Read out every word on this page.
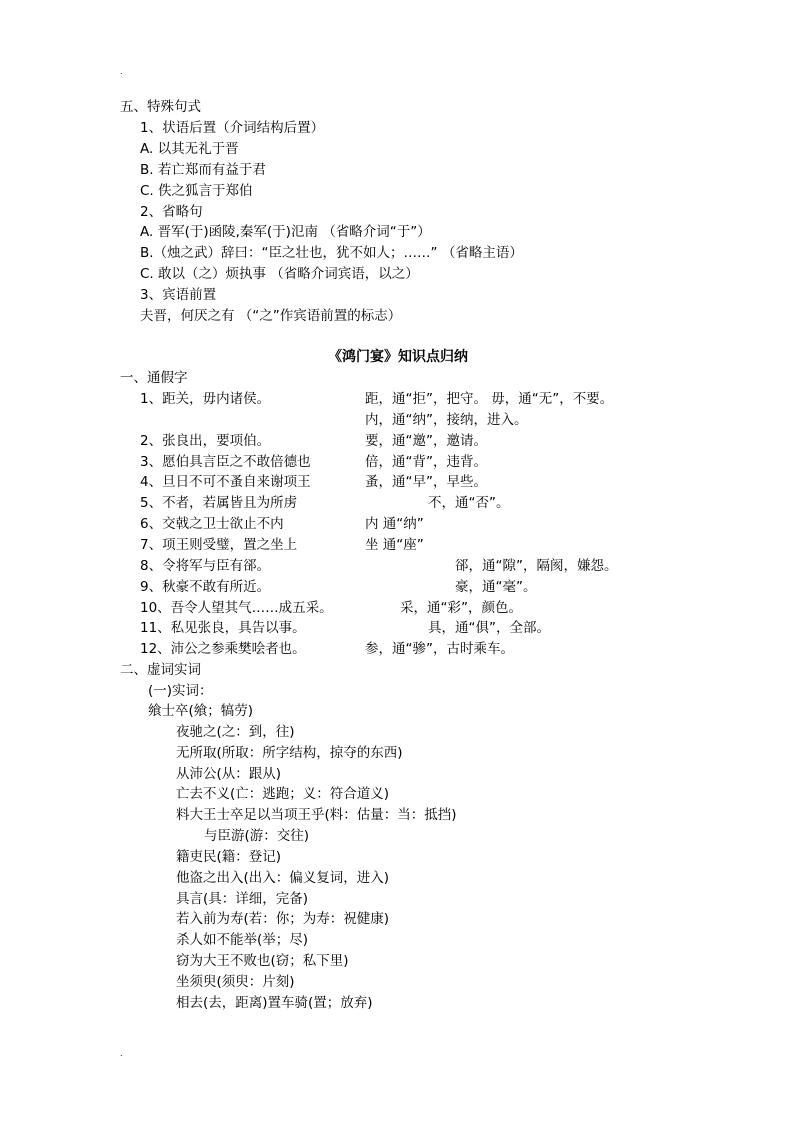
.
五、特殊句式
1、状语后置（介词结构后置）
A. 以其无礼于晋
B. 若亡郑而有益于君
C. 佚之狐言于郑伯
2、省略句
A. 晋军(于)函陵,秦军(于)氾南 （省略介词“于”）
B.（烛之武）辞曰：“臣之壮也，犹不如人；……” （省略主语）
C. 敢以（之）烦执事 （省略介词宾语，以之）
3、宾语前置
夫晋，何厌之有 （“之”作宾语前置的标志）
《鸿门宴》知识点归纳
一、通假字
1、距关，毋内诸侯。	距，通“拒”，把守。 毋，通“无”，不要。
内，通“纳”，接纳，进入。
2、张良出，要项伯。	要，通“邀”，邀请。
3、愿伯具言臣之不敢倍德也	倍，通“背”，违背。
4、旦日不可不蚤自来谢项王	蚤，通“早”，早些。
5、不者，若属皆且为所虏	不，通“否”。
6、交戟之卫士欲止不内	内 通“纳”
7、项王则受璧，置之坐上	坐 通“座”
8、令将军与臣有郤。	郤，通“隙”，隔阂，嫌怨。
9、秋豪不敢有所近。	豪，通“毫”。
10、吾令人望其气……成五采。	采，通“彩”，颜色。
11、私见张良，具告以事。	具，通“俱”，全部。
12、沛公之参乘樊哙者也。	参，通“骖”，古时乘车。
二、虚词实词
(一)实词：
飨士卒(飨；犒劳)
夜驰之(之：到，往)
无所取(所取：所字结构，掠夺的东西)
从沛公(从：跟从)
亡去不义(亡：逃跑；义：符合道义)
料大王士卒足以当项王乎(料：估量：当：抵挡)
与臣游(游：交往)
籍吏民(籍：登记)
他盗之出入(出入：偏义复词，进入)
具言(具：详细，完备)
若入前为寿(若：你；为寿：祝健康)
杀人如不能举(举；尽)
窃为大王不败也(窃；私下里)
坐须臾(须臾：片刻)
相去(去，距离)置车骑(置；放弃)
.
